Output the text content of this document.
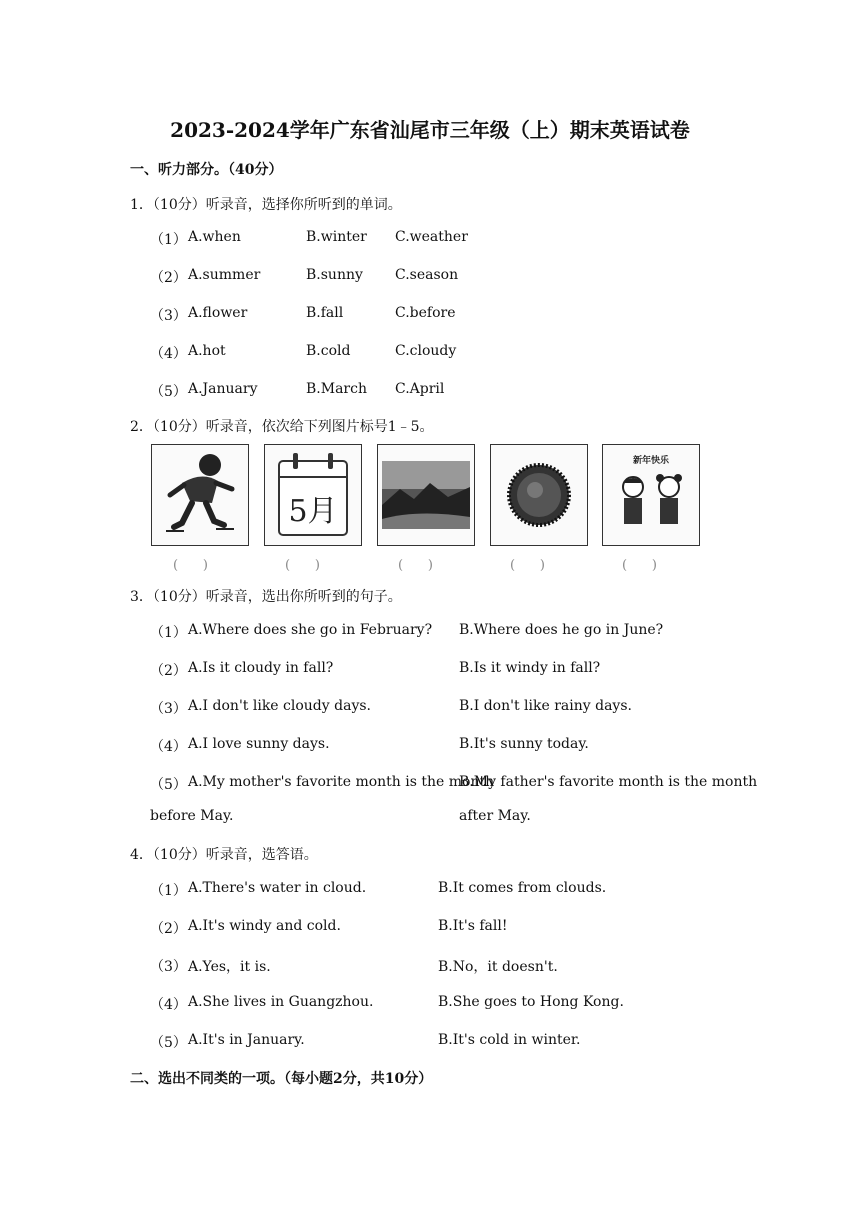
2023-2024学年广东省汕尾市三年级（上）期末英语试卷
一、听力部分。（40分）
1．（10分）听录音，选择你所听到的单词。
（1） A.when	B.winter C.weather
（2） A.summer	B.sunny C.season
（3） A.flower	B.fall	C.before
（4） A.hot	B.cold	C.cloudy
（5） A.January	B.March C.April
2．（10分）听录音，依次给下列图片标号1﹣5。
5月
新年快乐
(      )	(      )	(      )	(      )	(      )
3．（10分）听录音，选出你所听到的句子。
（1） A.Where does she go in February? B.Where does he go in June?
（2） A.Is it cloudy in fall?	B.Is it windy in fall?
（3） A.I don't like cloudy days.	B.I don't like rainy days.
（4） A.I love sunny days.	B.It's sunny today.
（5） A.My mother's favorite month is the month
before May.
B.My father's favorite month is the month
after May.
4．（10分）听录音，选答语。
（1） A.There's water in cloud.	B.It comes from clouds.
（2） A.It's windy and cold.	B.It's fall!
（3） A.Yes，it is.	B.No，it doesn't.
（4） A.She lives in Guangzhou.	B.She goes to Hong Kong.
（5） A.It's in January.	B.It's cold in winter.
二、选出不同类的一项。（每小题2分，共10分）
